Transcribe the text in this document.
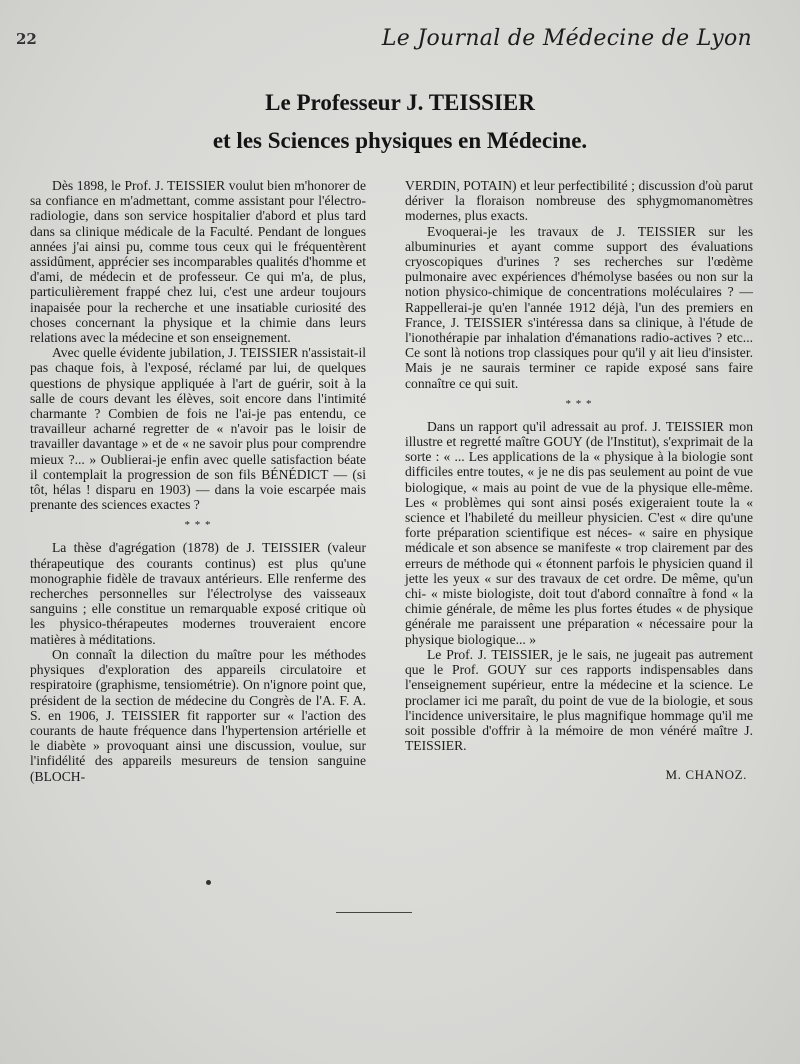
22	Le Journal de Médecine de Lyon
Le Professeur J. TEISSIER
et les Sciences physiques en Médecine.

Dès 1898, le Prof. J. TEISSIER voulut bien m'honorer de sa confiance en m'admettant, comme assistant pour l'électro-radiologie, dans son service hospitalier d'abord et plus tard dans sa clinique médicale de la Faculté. Pendant de longues années j'ai ainsi pu, comme tous ceux qui le fréquentèrent assidûment, apprécier ses incomparables qualités d'homme et d'ami, de médecin et de professeur. Ce qui m'a, de plus, particulièrement frappé chez lui, c'est une ardeur toujours inapaisée pour la recherche et une insatiable curiosité des choses concernant la physique et la chimie dans leurs relations avec la médecine et son enseignement.

Avec quelle évidente jubilation, J. TEISSIER n'assistait-il pas chaque fois, à l'exposé, réclamé par lui, de quelques questions de physique appliquée à l'art de guérir, soit à la salle de cours devant les élèves, soit encore dans l'intimité charmante ? Combien de fois ne l'ai-je pas entendu, ce travailleur acharné regretter de « n'avoir pas le loisir de travailler davantage » et de « ne savoir plus pour comprendre mieux ?... » Oublierai-je enfin avec quelle satisfaction béate il contemplait la progression de son fils BÉNÉDICT — (si tôt, hélas ! disparu en 1903) — dans la voie escarpée mais prenante des sciences exactes ?

* * *

La thèse d'agrégation (1878) de J. TEISSIER (valeur thérapeutique des courants continus) est plus qu'une monographie fidèle de travaux antérieurs. Elle renferme des recherches personnelles sur l'électrolyse des vaisseaux sanguins ; elle constitue un remarquable exposé critique où les physico-thérapeutes modernes trouveraient encore matières à méditations.

On connaît la dilection du maître pour les méthodes physiques d'exploration des appareils circulatoire et respiratoire (graphisme, tensiométrie). On n'ignore point que, président de la section de médecine du Congrès de l'A. F. A. S. en 1906, J. TEISSIER fit rapporter sur « l'action des courants de haute fréquence dans l'hypertension artérielle et le diabète » provoquant ainsi une discussion, voulue, sur l'infidélité des appareils mesureurs de tension sanguine (BLOCH-

VERDIN, POTAIN) et leur perfectibilité ; discussion d'où parut dériver la floraison nombreuse des sphygmomanomètres modernes, plus exacts.

Evoquerai-je les travaux de J. TEISSIER sur les albuminuries et ayant comme support des évaluations cryoscopiques d'urines ? ses recherches sur l'œdème pulmonaire avec expériences d'hémolyse basées ou non sur la notion physico-chimique de concentrations moléculaires ? — Rappellerai-je qu'en l'année 1912 déjà, l'un des premiers en France, J. TEISSIER s'intéressa dans sa clinique, à l'étude de l'ionothérapie par inhalation d'émanations radio-actives ? etc... Ce sont là notions trop classiques pour qu'il y ait lieu d'insister. Mais je ne saurais terminer ce rapide exposé sans faire connaître ce qui suit.

* * *

Dans un rapport qu'il adressait au prof. J. TEISSIER mon illustre et regretté maître GOUY (de l'Institut), s'exprimait de la sorte : « ... Les applications de la « physique à la biologie sont difficiles entre toutes, « je ne dis pas seulement au point de vue biologique, « mais au point de vue de la physique elle-même. Les « problèmes qui sont ainsi posés exigeraient toute la « science et l'habileté du meilleur physicien. C'est « dire qu'une forte préparation scientifique est néces- « saire en physique médicale et son absence se manifeste « trop clairement par des erreurs de méthode qui « étonnent parfois le physicien quand il jette les yeux « sur des travaux de cet ordre. De même, qu'un chi- « miste biologiste, doit tout d'abord connaître à fond « la chimie générale, de même les plus fortes études « de physique générale me paraissent une préparation « nécessaire pour la physique biologique... »

Le Prof. J. TEISSIER, je le sais, ne jugeait pas autrement que le Prof. GOUY sur ces rapports indispensables dans l'enseignement supérieur, entre la médecine et la science. Le proclamer ici me paraît, du point de vue de la biologie, et sous l'incidence universitaire, le plus magnifique hommage qu'il me soit possible d'offrir à la mémoire de mon vénéré maître J. TEISSIER.

M. CHANOZ.
